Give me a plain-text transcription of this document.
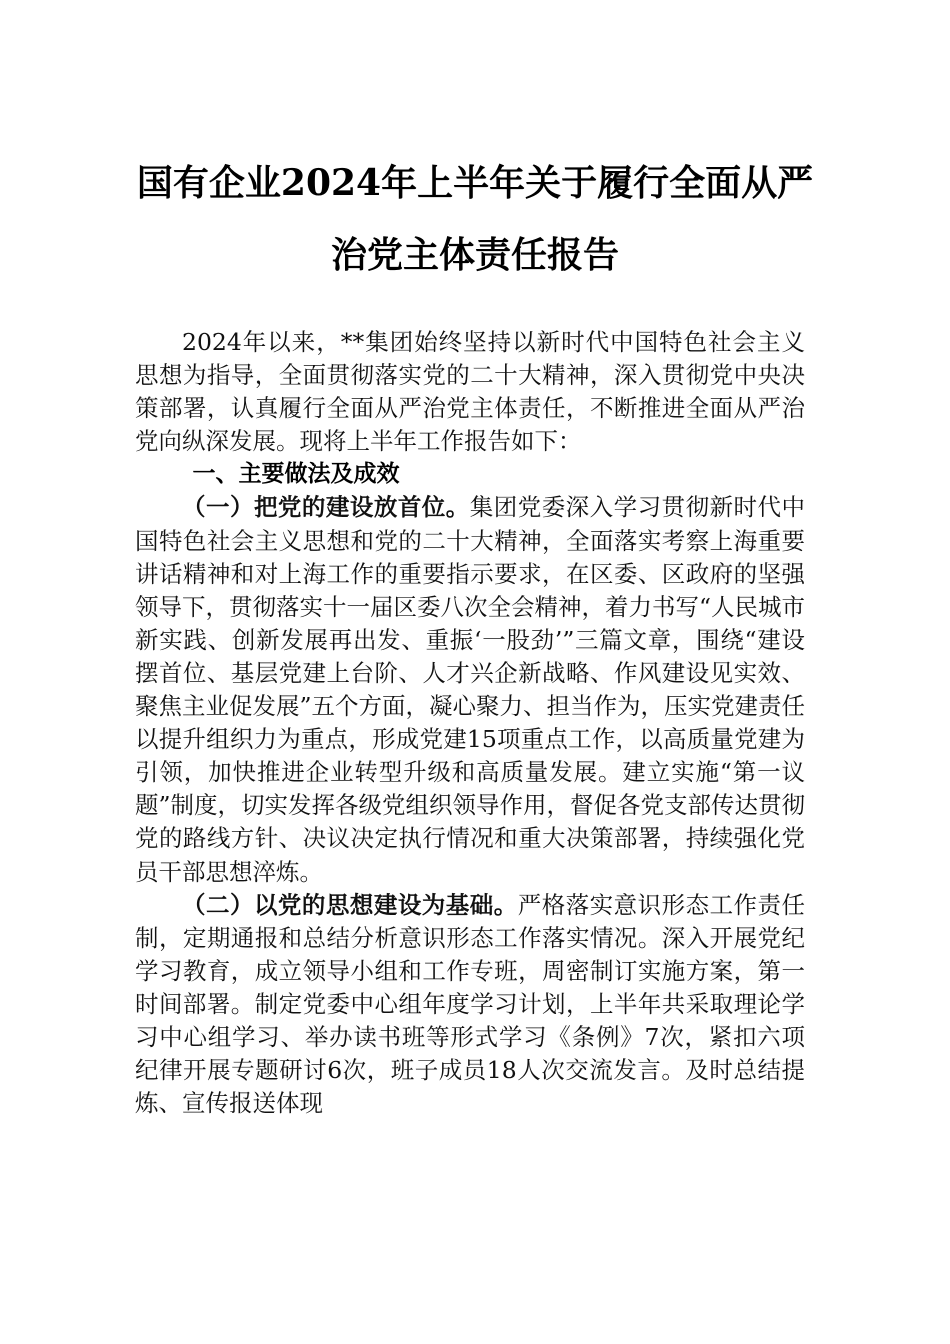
国有企业2024年上半年关于履行全面从严
治党主体责任报告

2024年以来，**集团始终坚持以新时代中国特色社会主义思想为指导，全面贯彻落实党的二十大精神，深入贯彻党中央决策部署，认真履行全面从严治党主体责任，不断推进全面从严治党向纵深发展。现将上半年工作报告如下：

一、主要做法及成效

（一）把党的建设放首位。集团党委深入学习贯彻新时代中国特色社会主义思想和党的二十大精神，全面落实考察上海重要讲话精神和对上海工作的重要指示要求，在区委、区政府的坚强领导下，贯彻落实十一届区委八次全会精神，着力书写“人民城市新实践、创新发展再出发、重振‘一股劲’”三篇文章，围绕“建设摆首位、基层党建上台阶、人才兴企新战略、作风建设见实效、聚焦主业促发展”五个方面，凝心聚力、担当作为，压实党建责任以提升组织力为重点，形成党建15项重点工作，以高质量党建为引领，加快推进企业转型升级和高质量发展。建立实施“第一议题”制度，切实发挥各级党组织领导作用，督促各党支部传达贯彻党的路线方针、决议决定执行情况和重大决策部署，持续强化党员干部思想淬炼。

（二）以党的思想建设为基础。严格落实意识形态工作责任制，定期通报和总结分析意识形态工作落实情况。深入开展党纪学习教育，成立领导小组和工作专班，周密制订实施方案，第一时间部署。制定党委中心组年度学习计划，上半年共采取理论学习中心组学习、举办读书班等形式学习《条例》7次，紧扣六项纪律开展专题研讨6次，班子成员18人次交流发言。及时总结提炼、宣传报送体现
